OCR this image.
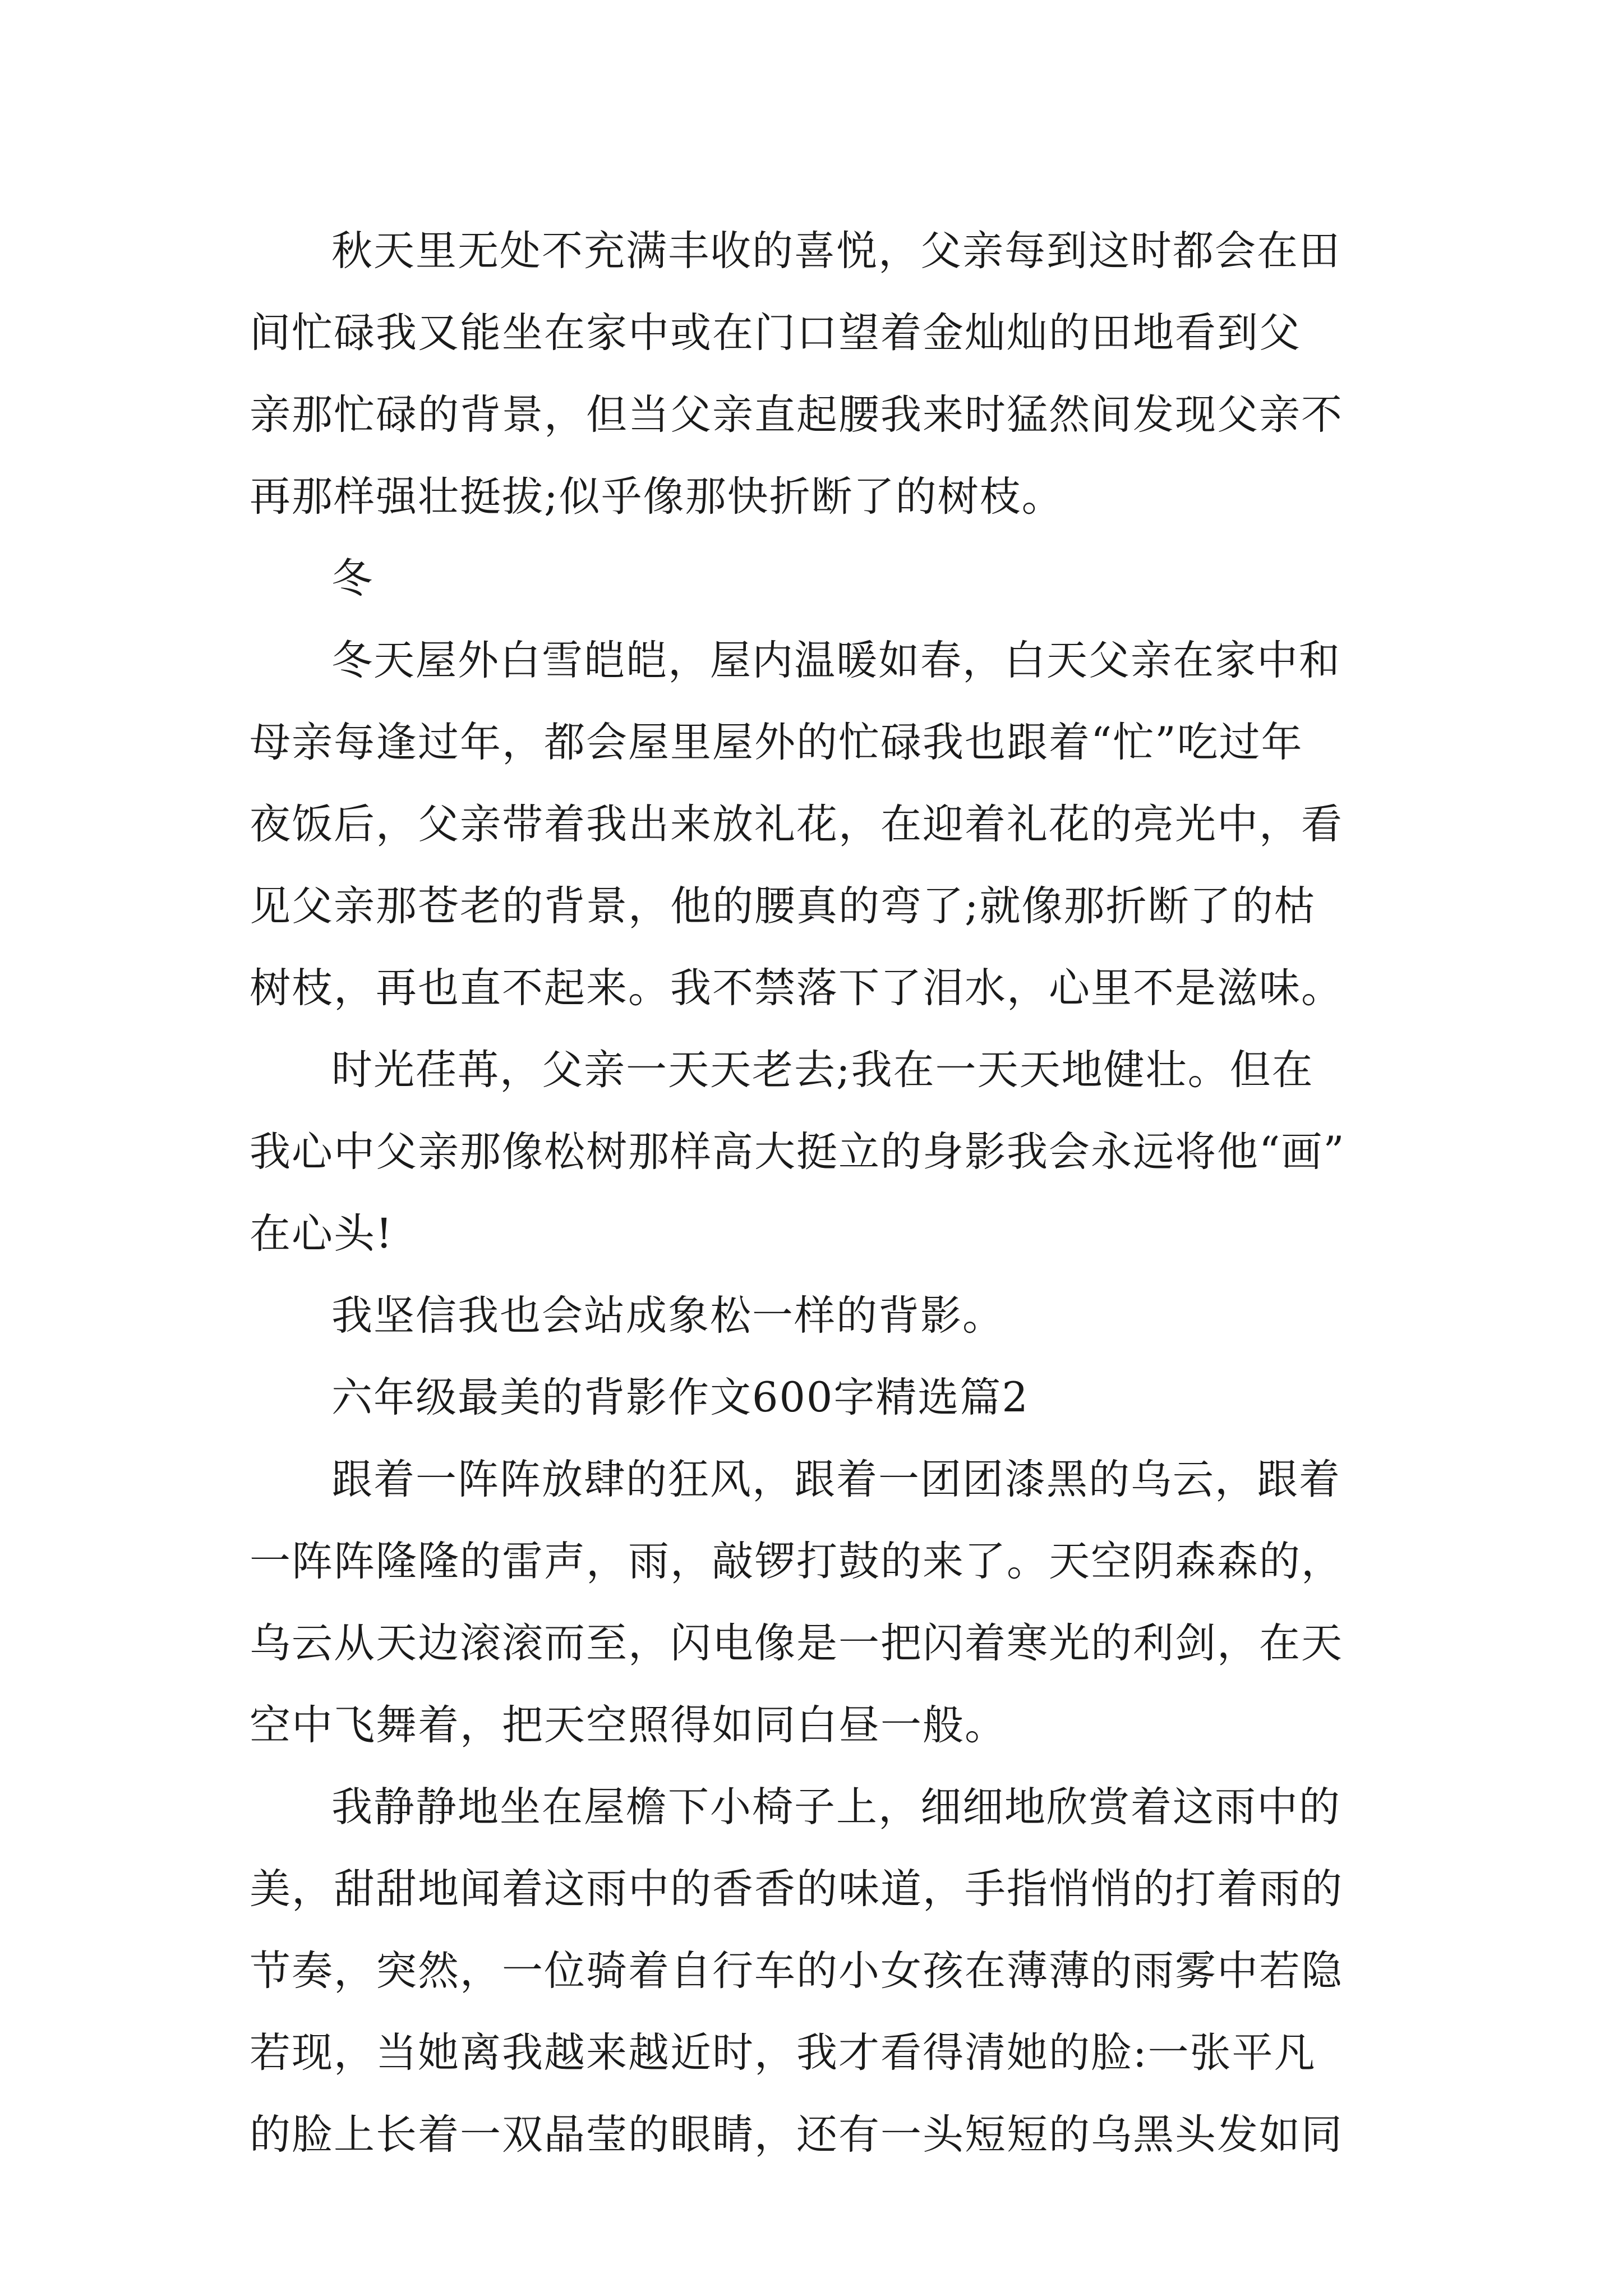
秋天里无处不充满丰收的喜悦，父亲每到这时都会在田
间忙碌我又能坐在家中或在门口望着金灿灿的田地看到父
亲那忙碌的背景，但当父亲直起腰我来时猛然间发现父亲不
再那样强壮挺拔;似乎像那快折断了的树枝。

冬

冬天屋外白雪皑皑，屋内温暖如春，白天父亲在家中和
母亲每逢过年，都会屋里屋外的忙碌我也跟着“忙”吃过年
夜饭后，父亲带着我出来放礼花，在迎着礼花的亮光中，看
见父亲那苍老的背景，他的腰真的弯了;就像那折断了的枯
树枝，再也直不起来。我不禁落下了泪水，心里不是滋味。

时光荏苒，父亲一天天老去;我在一天天地健壮。但在
我心中父亲那像松树那样高大挺立的身影我会永远将他“画”
在心头!

我坚信我也会站成象松一样的背影。

六年级最美的背影作文600字精选篇2

跟着一阵阵放肆的狂风，跟着一团团漆黑的乌云，跟着
一阵阵隆隆的雷声，雨，敲锣打鼓的来了。天空阴森森的，
乌云从天边滚滚而至，闪电像是一把闪着寒光的利剑，在天
空中飞舞着，把天空照得如同白昼一般。

我静静地坐在屋檐下小椅子上，细细地欣赏着这雨中的
美，甜甜地闻着这雨中的香香的味道，手指悄悄的打着雨的
节奏，突然，一位骑着自行车的小女孩在薄薄的雨雾中若隐
若现，当她离我越来越近时，我才看得清她的脸:一张平凡
的脸上长着一双晶莹的眼睛，还有一头短短的乌黑头发如同
